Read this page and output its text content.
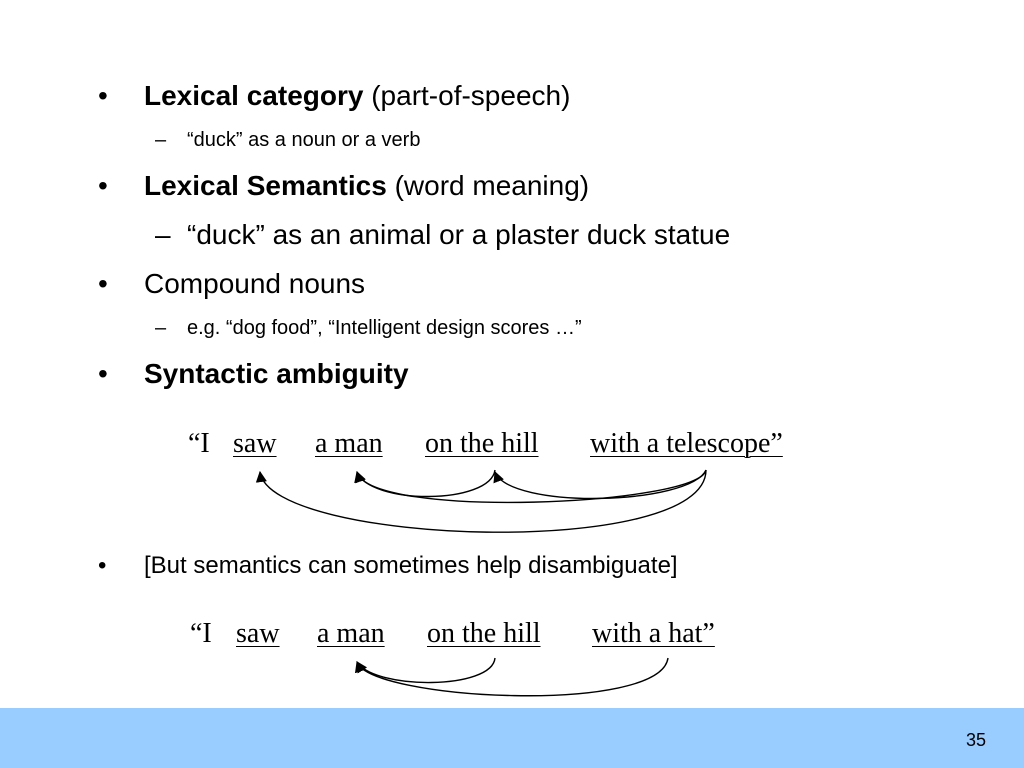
• Lexical category (part-of-speech)
– “duck” as a noun or a verb
• Lexical Semantics (word meaning)
– “duck” as an animal or a plaster duck statue
• Compound nouns
– e.g. “dog food”, “Intelligent design scores …”
• Syntactic ambiguity
“I saw a man on the hill with a telescope”
• [But semantics can sometimes help disambiguate]
“I saw a man on the hill with a hat”
35
